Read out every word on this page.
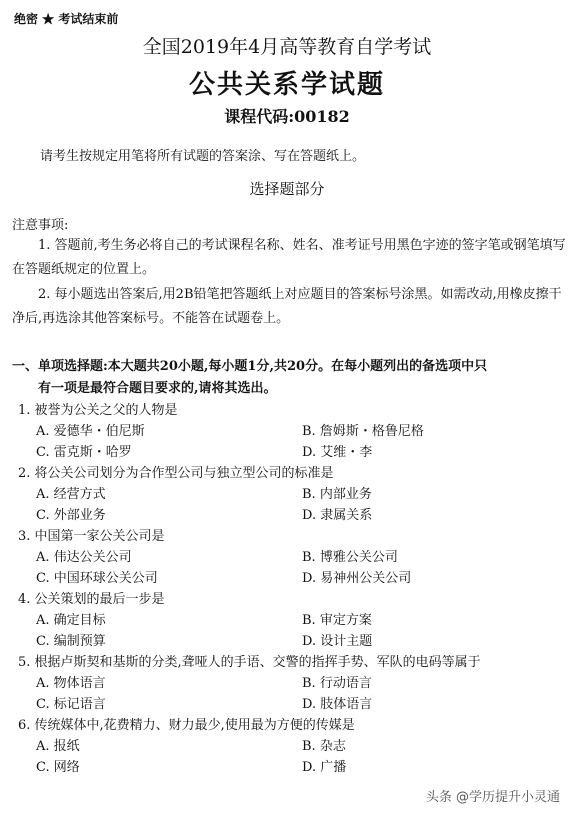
绝密 ★ 考试结束前
全国2019年4月高等教育自学考试
公共关系学试题
课程代码:00182
请考生按规定用笔将所有试题的答案涂、写在答题纸上。
选择题部分
注意事项:
1. 答题前,考生务必将自己的考试课程名称、姓名、准考证号用黑色字迹的签字笔或钢笔填写在答题纸规定的位置上。
2. 每小题选出答案后,用2B铅笔把答题纸上对应题目的答案标号涂黑。如需改动,用橡皮擦干净后,再选涂其他答案标号。不能答在试题卷上。
一、单项选择题:本大题共20小题,每小题1分,共20分。在每小题列出的备选项中只
有一项是最符合题目要求的,请将其选出。
1. 被誉为公关之父的人物是
A. 爱德华・伯尼斯	B. 詹姆斯・格鲁尼格
C. 雷克斯・哈罗	D. 艾维・李
2. 将公关公司划分为合作型公司与独立型公司的标准是
A. 经营方式	B. 内部业务
C. 外部业务	D. 隶属关系
3. 中国第一家公关公司是
A. 伟达公关公司	B. 博雅公关公司
C. 中国环球公关公司	D. 易神州公关公司
4. 公关策划的最后一步是
A. 确定目标	B. 审定方案
C. 编制预算	D. 设计主题
5. 根据卢斯契和基斯的分类,聋哑人的手语、交警的指挥手势、军队的电码等属于
A. 物体语言	B. 行动语言
C. 标记语言	D. 肢体语言
6. 传统媒体中,花费精力、财力最少,使用最为方便的传媒是
A. 报纸	B. 杂志
C. 网络	D. 广播
头条 @学历提升小灵通
